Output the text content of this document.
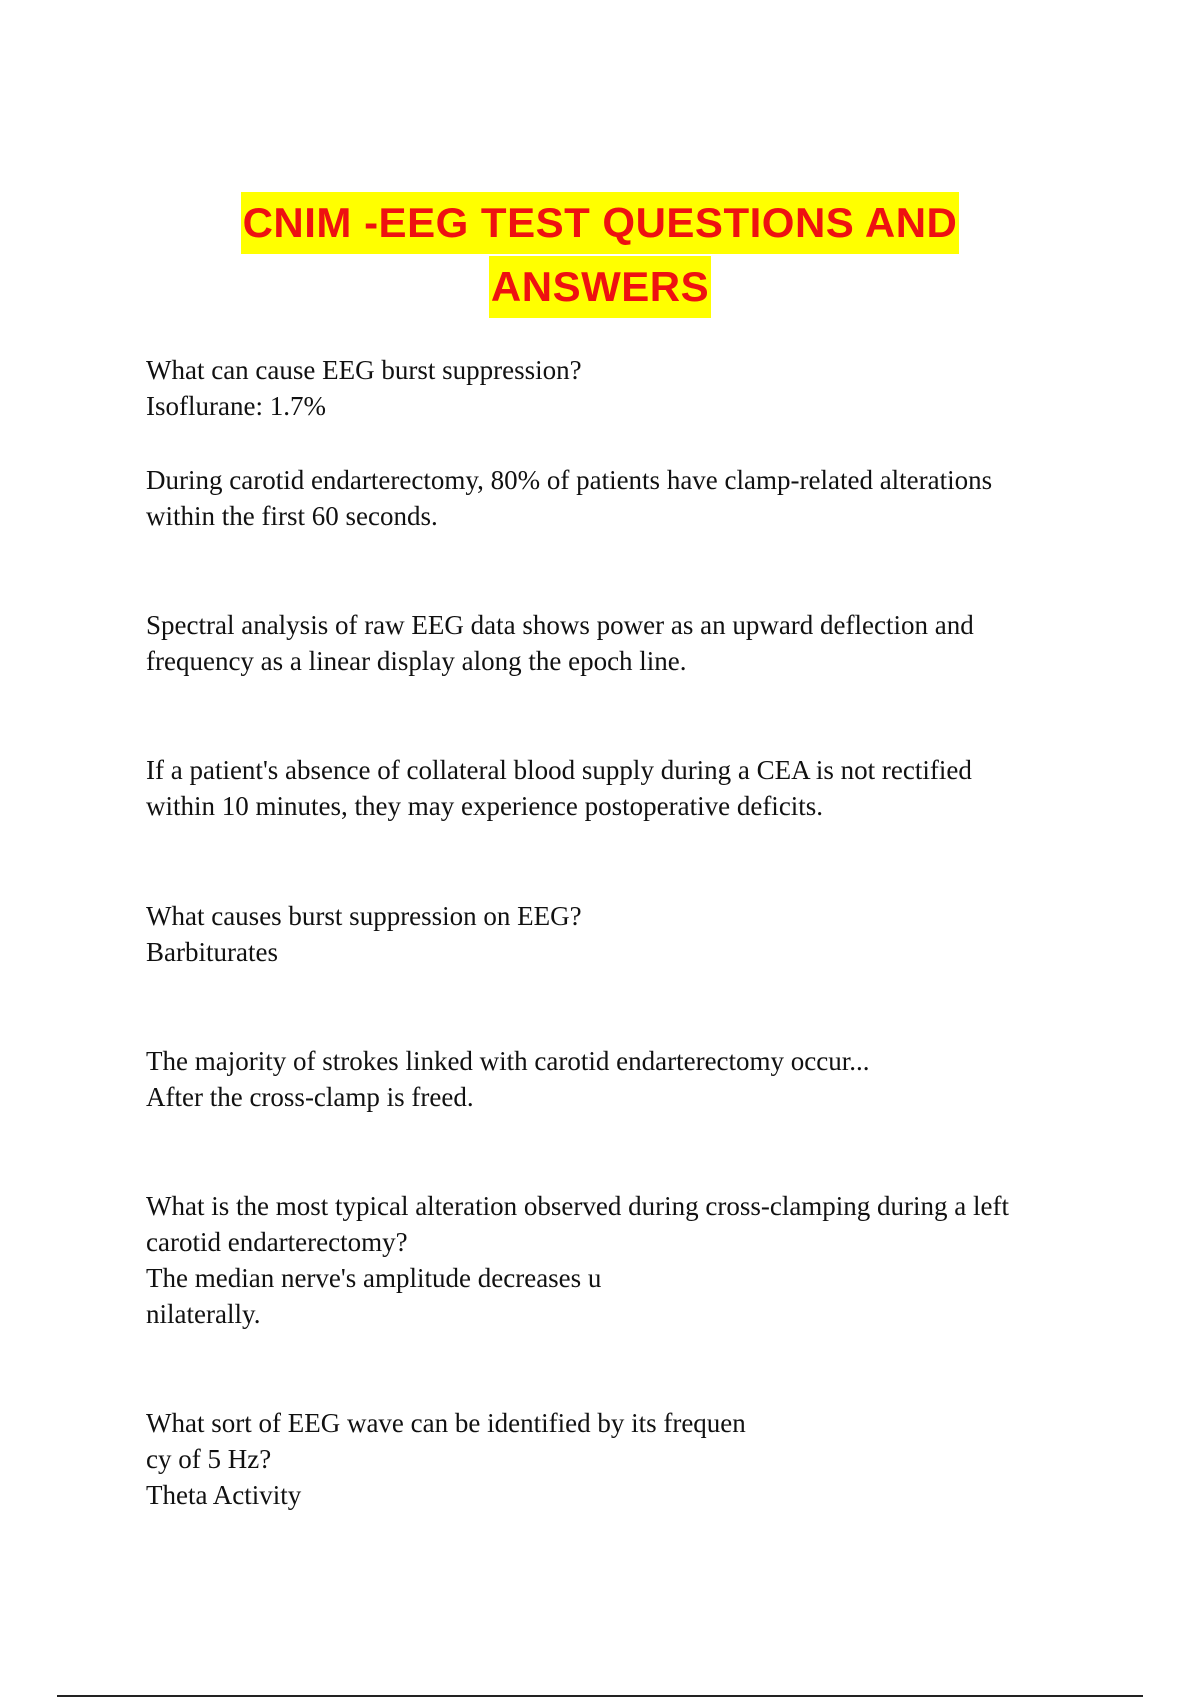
CNIM -EEG TEST QUESTIONS AND
ANSWERS
What can cause EEG burst suppression?
Isoflurane: 1.7%
During carotid endarterectomy, 80% of patients have clamp-related alterations
within the first 60 seconds.
Spectral analysis of raw EEG data shows power as an upward deflection and
frequency as a linear display along the epoch line.
If a patient's absence of collateral blood supply during a CEA is not rectified
within 10 minutes, they may experience postoperative deficits.
What causes burst suppression on EEG?
Barbiturates
The majority of strokes linked with carotid endarterectomy occur...
After the cross-clamp is freed.
What is the most typical alteration observed during cross-clamping during a left
carotid endarterectomy?
The median nerve's amplitude decreases u
nilaterally.
What sort of EEG wave can be identified by its frequen
cy of 5 Hz?
Theta Activity
